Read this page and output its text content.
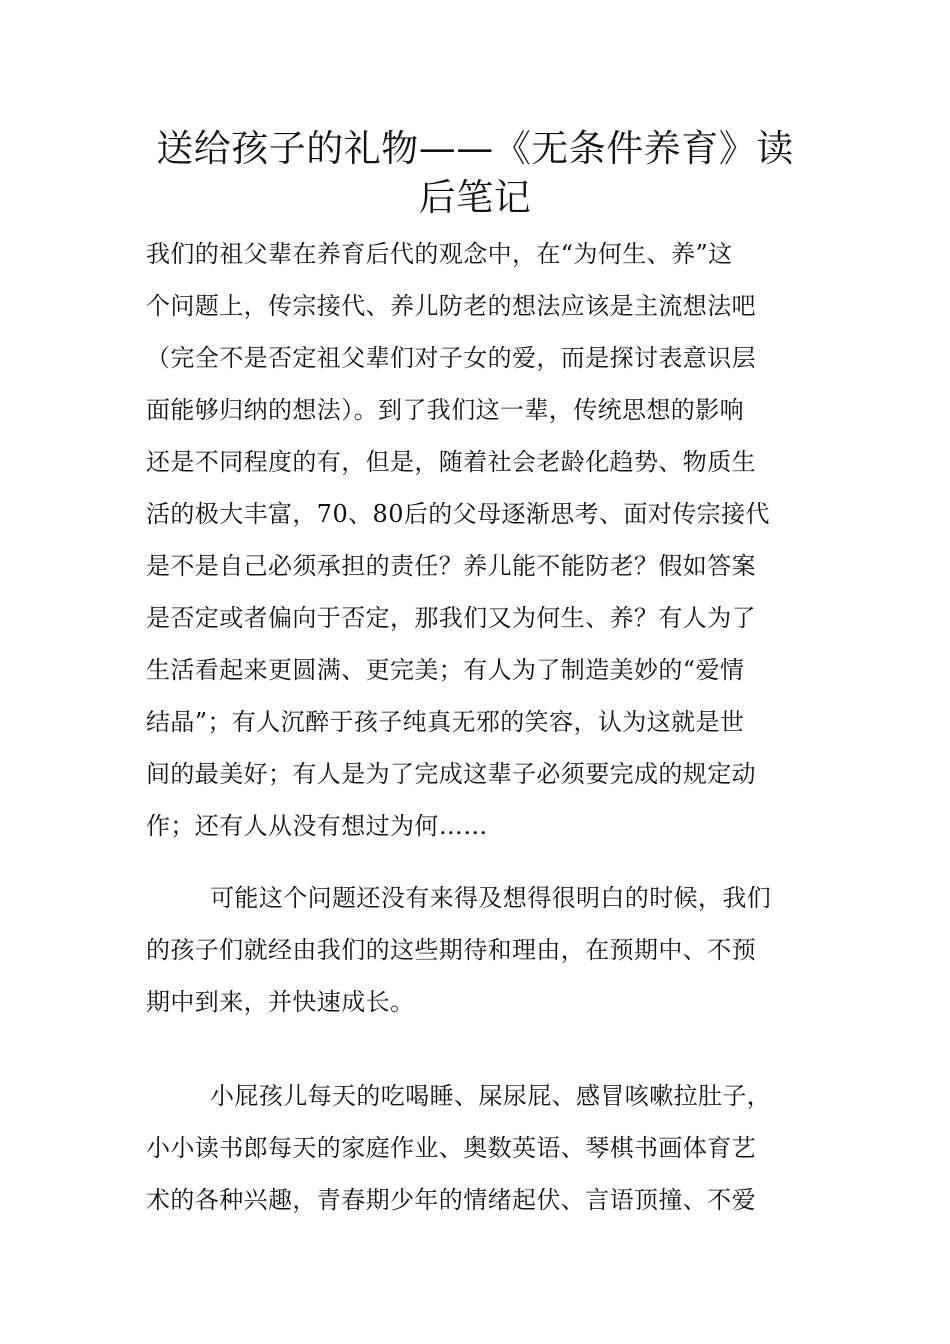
送给孩子的礼物——《无条件养育》读
后笔记
我们的祖父辈在养育后代的观念中，在“为何生、养”这
个问题上，传宗接代、养儿防老的想法应该是主流想法吧
（完全不是否定祖父辈们对子女的爱，而是探讨表意识层
面能够归纳的想法）。到了我们这一辈，传统思想的影响
还是不同程度的有，但是，随着社会老龄化趋势、物质生
活的极大丰富，70、80后的父母逐渐思考、面对传宗接代
是不是自己必须承担的责任？养儿能不能防老？假如答案
是否定或者偏向于否定，那我们又为何生、养？有人为了
生活看起来更圆满、更完美；有人为了制造美妙的“爱情
结晶”；有人沉醉于孩子纯真无邪的笑容，认为这就是世
间的最美好；有人是为了完成这辈子必须要完成的规定动
作；还有人从没有想过为何……
可能这个问题还没有来得及想得很明白的时候，我们
的孩子们就经由我们的这些期待和理由，在预期中、不预
期中到来，并快速成长。
小屁孩儿每天的吃喝睡、屎尿屁、感冒咳嗽拉肚子，
小小读书郎每天的家庭作业、奥数英语、琴棋书画体育艺
术的各种兴趣，青春期少年的情绪起伏、言语顶撞、不爱
